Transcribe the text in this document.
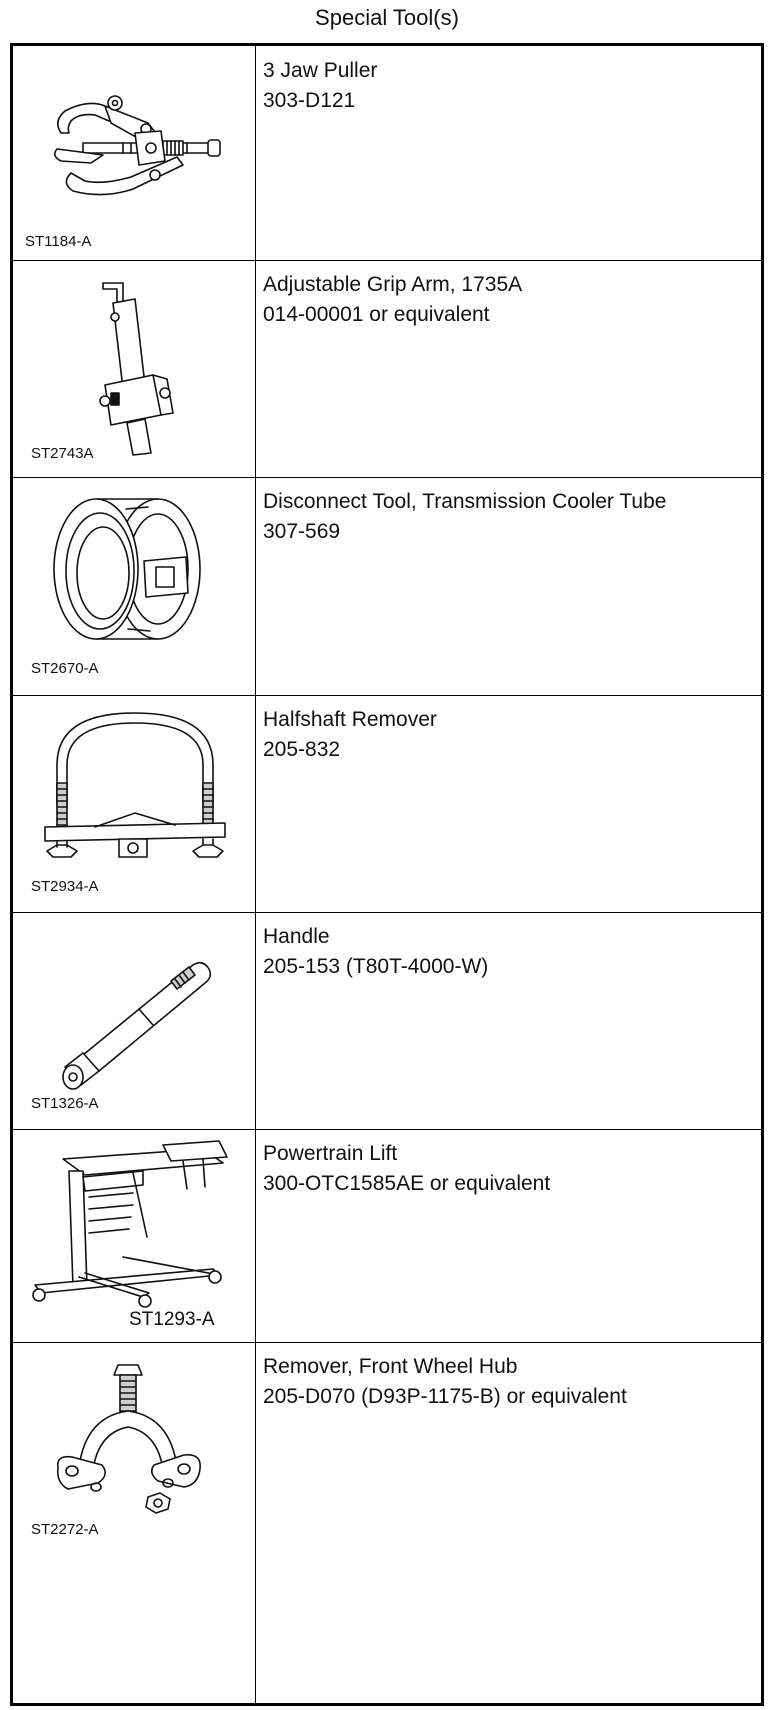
Special Tool(s)
ST1184-A
3 Jaw Puller
303-D121
ST2743A
Adjustable Grip Arm, 1735A
014-00001 or equivalent
ST2670-A
Disconnect Tool, Transmission Cooler Tube
307-569
ST2934-A
Halfshaft Remover
205-832
ST1326-A
Handle
205-153 (T80T-4000-W)
ST1293-A
Powertrain Lift
300-OTC1585AE or equivalent
ST2272-A
Remover, Front Wheel Hub
205-D070 (D93P-1175-B) or equivalent
